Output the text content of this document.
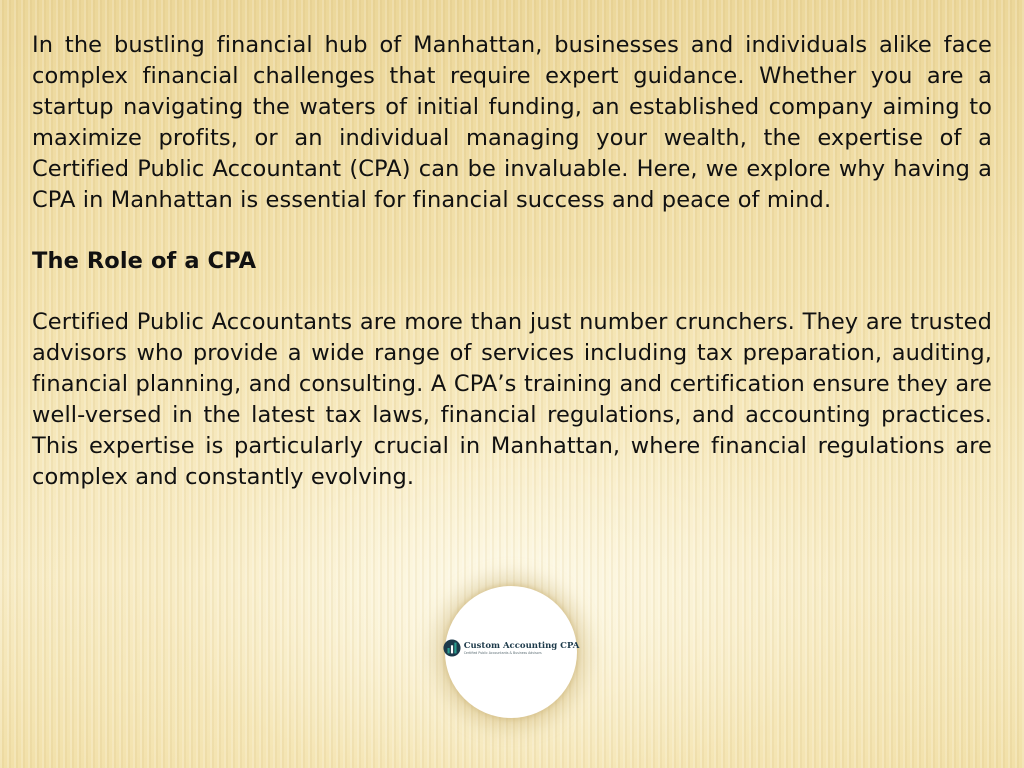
In the bustling financial hub of Manhattan, businesses and individuals alike face complex financial challenges that require expert guidance. Whether you are a startup navigating the waters of initial funding, an established company aiming to maximize profits, or an individual managing your wealth, the expertise of a Certified Public Accountant (CPA) can be invaluable. Here, we explore why having a CPA in Manhattan is essential for financial success and peace of mind.

The Role of a CPA

Certified Public Accountants are more than just number crunchers. They are trusted advisors who provide a wide range of services including tax preparation, auditing, financial planning, and consulting. A CPA’s training and certification ensure they are well-versed in the latest tax laws, financial regulations, and accounting practices. This expertise is particularly crucial in Manhattan, where financial regulations are complex and constantly evolving.

Custom Accounting CPA
Certified Public Accountants & Business Advisors
